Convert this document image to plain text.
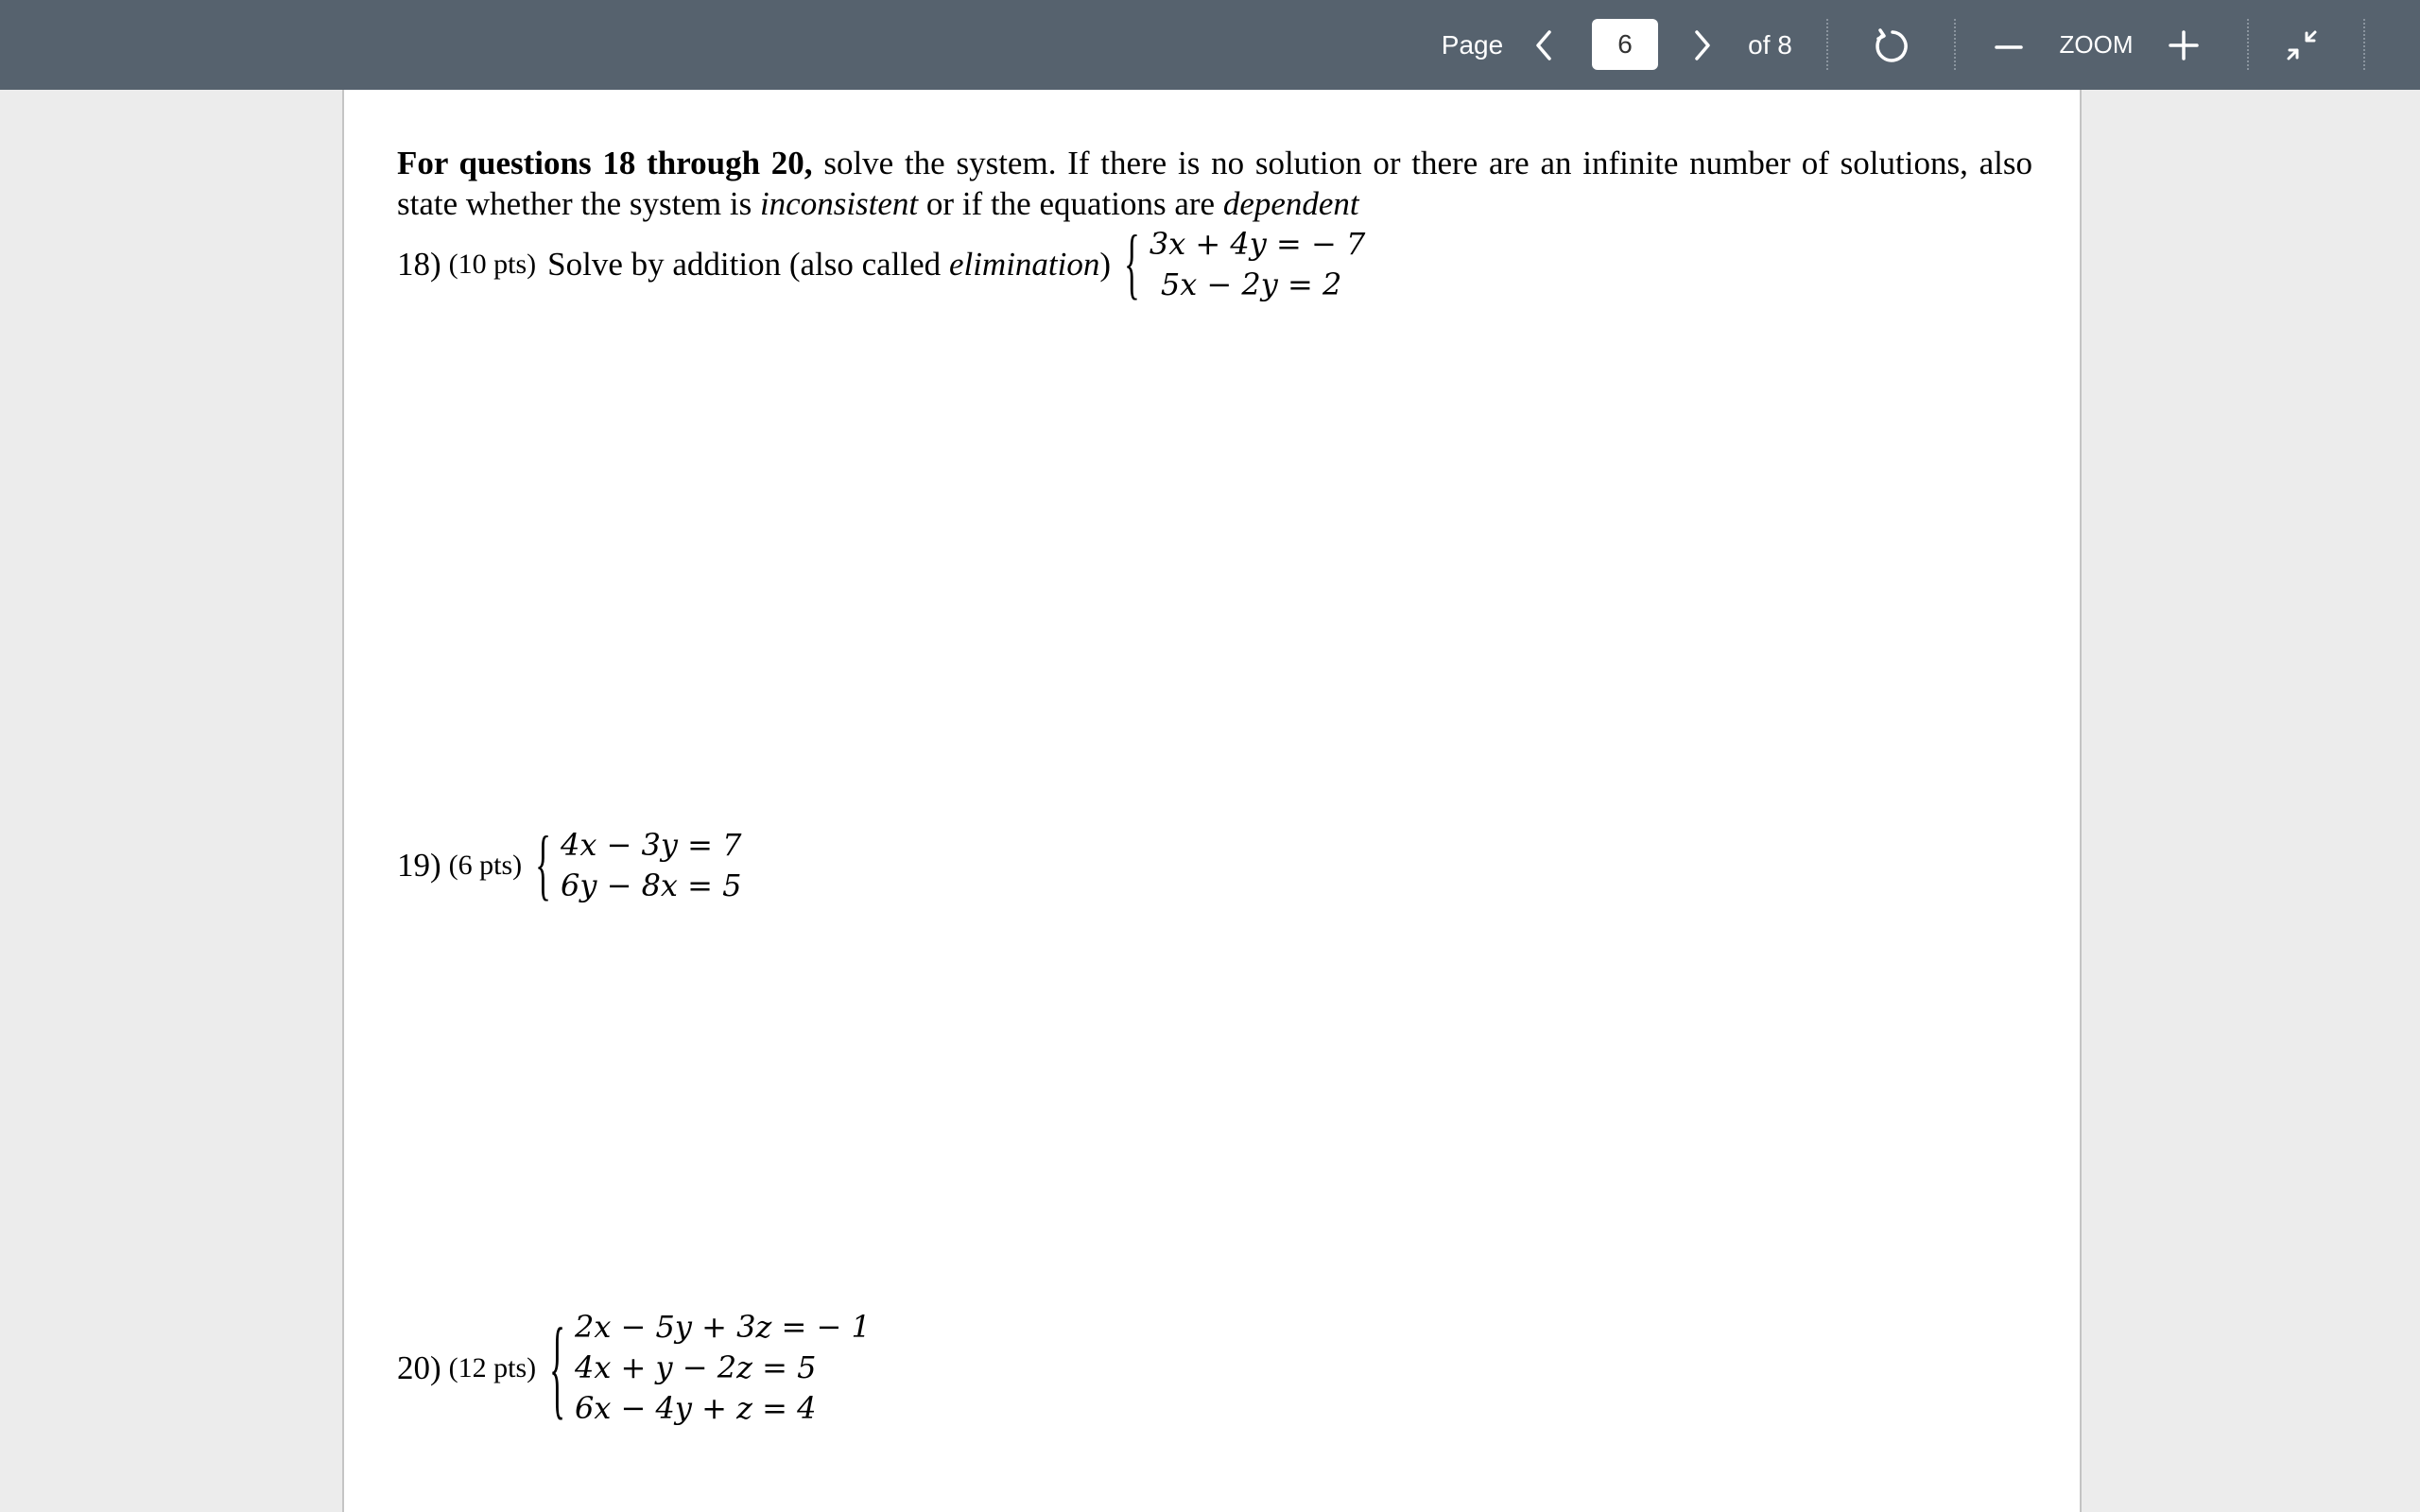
Page
6	of 8	ZOOM

For questions 18 through 20, solve the system. If there is no solution or there are an infinite number of solutions, also state whether the system is inconsistent or if the equations are dependent

18) (10 pts) Solve by addition (also called elimination) { 3x + 4y = − 7
5x − 2y = 2
19) (6 pts) { 4x − 3y = 7
6y − 8x = 5
20) (12 pts) { 2x − 5y + 3z = − 1
4x + y − 2z = 5
6x − 4y + z = 4
